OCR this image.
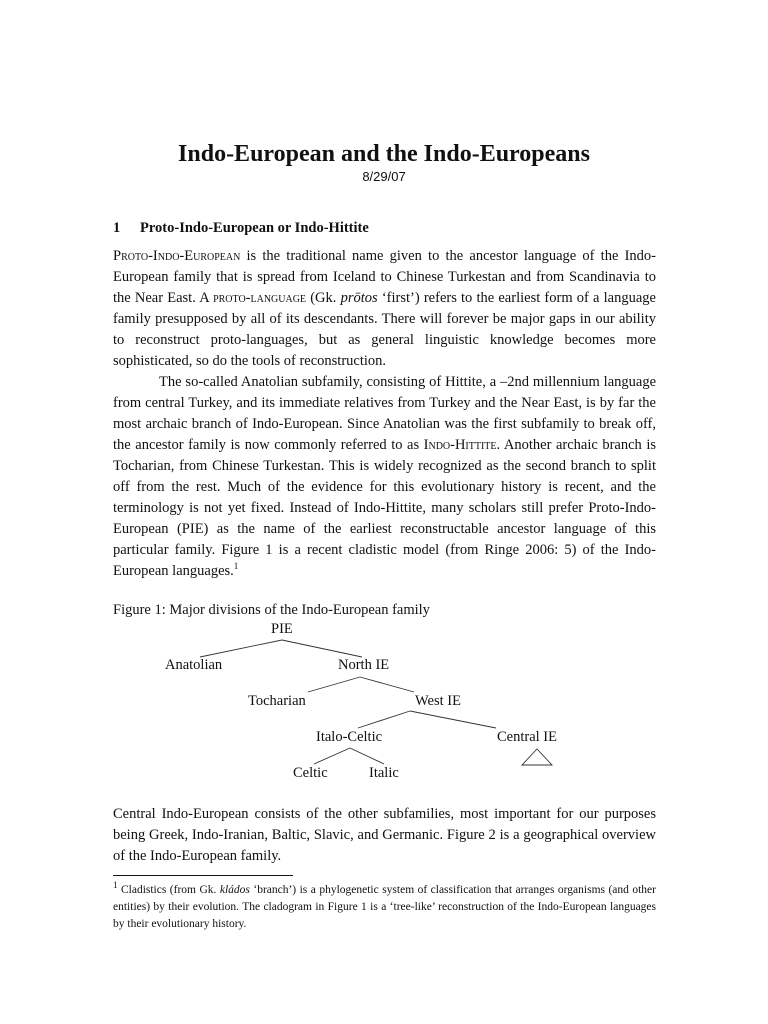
Indo-European and the Indo-Europeans
8/29/07
1 Proto-Indo-European or Indo-Hittite

Proto-Indo-European is the traditional name given to the ancestor language of the Indo-European family that is spread from Iceland to Chinese Turkestan and from Scandinavia to the Near East. A proto-language (Gk. prōtos ‘first’) refers to the earliest form of a language family presupposed by all of its descendants. There will forever be major gaps in our ability to reconstruct proto-languages, but as general linguistic knowledge becomes more sophisticated, so do the tools of reconstruction.

The so-called Anatolian subfamily, consisting of Hittite, a –2nd millennium language from central Turkey, and its immediate relatives from Turkey and the Near East, is by far the most archaic branch of Indo-European. Since Anatolian was the first subfamily to break off, the ancestor family is now commonly referred to as Indo-Hittite. Another archaic branch is Tocharian, from Chinese Turkestan. This is widely recognized as the second branch to split off from the rest. Much of the evidence for this evolutionary history is recent, and the terminology is not yet fixed. Instead of Indo-Hittite, many scholars still prefer Proto-Indo-European (PIE) as the name of the earliest reconstructable ancestor language of this particular family. Figure 1 is a recent cladistic model (from Ringe 2006: 5) of the Indo-European languages.$^1$

Figure 1: Major divisions of the Indo-European family
PIE
Anatolian	North IE
Tocharian	West IE
Italo-Celtic	Central IE
Celtic	Italic

Central Indo-European consists of the other subfamilies, most important for our purposes being Greek, Indo-Iranian, Baltic, Slavic, and Germanic. Figure 2 is a geographical overview of the Indo-European family.

$^1$ Cladistics (from Gk. kládos ‘branch’) is a phylogenetic system of classification that arranges organisms (and other entities) by their evolution. The cladogram in Figure 1 is a ‘tree-like’ reconstruction of the Indo-European languages by their evolutionary history.
